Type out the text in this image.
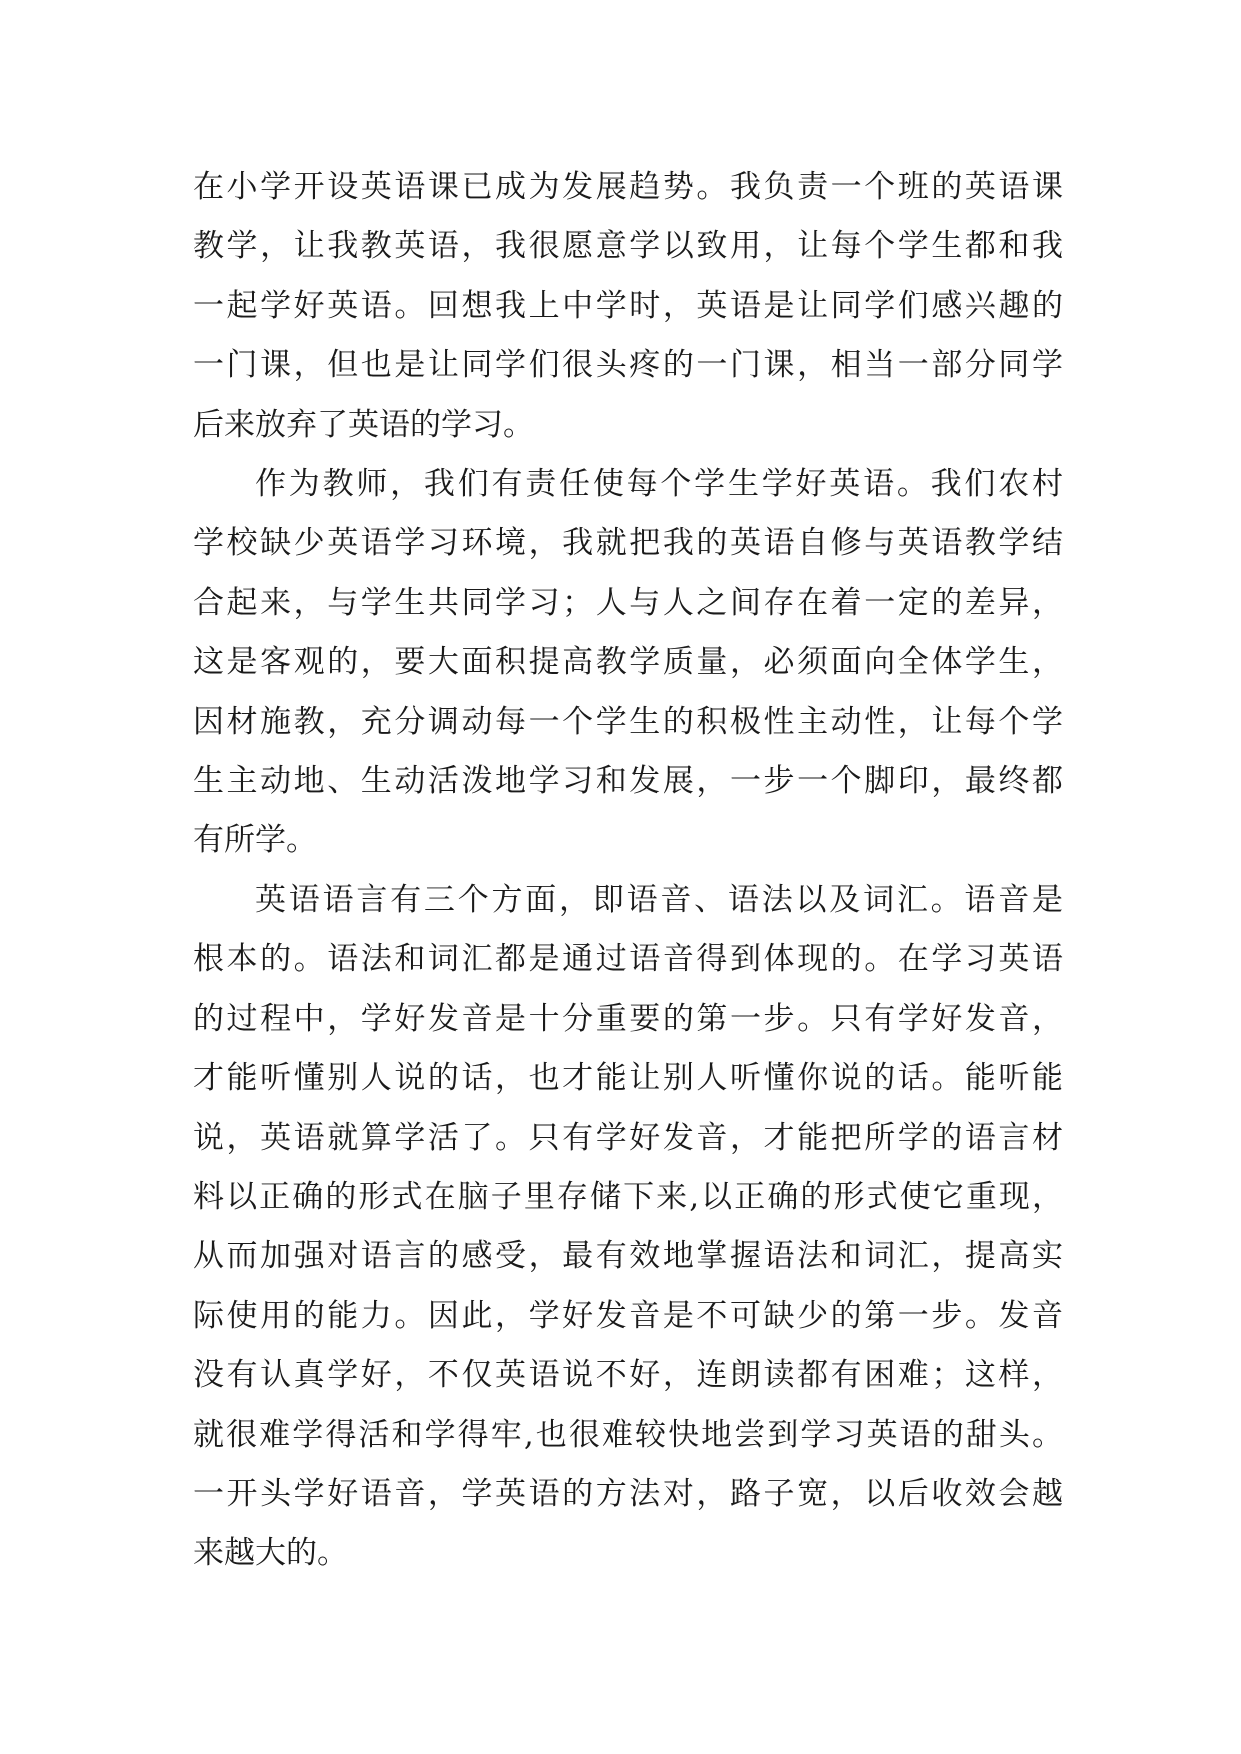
在小学开设英语课已成为发展趋势。我负责一个班的英语课
教学，让我教英语，我很愿意学以致用，让每个学生都和我
一起学好英语。回想我上中学时，英语是让同学们感兴趣的
一门课，但也是让同学们很头疼的一门课，相当一部分同学
后来放弃了英语的学习。

作为教师，我们有责任使每个学生学好英语。我们农村
学校缺少英语学习环境，我就把我的英语自修与英语教学结
合起来，与学生共同学习；人与人之间存在着一定的差异，
这是客观的，要大面积提高教学质量，必须面向全体学生，
因材施教，充分调动每一个学生的积极性主动性，让每个学
生主动地、生动活泼地学习和发展，一步一个脚印，最终都
有所学。

英语语言有三个方面，即语音、语法以及词汇。语音是
根本的。语法和词汇都是通过语音得到体现的。在学习英语
的过程中，学好发音是十分重要的第一步。只有学好发音，
才能听懂别人说的话，也才能让别人听懂你说的话。能听能
说，英语就算学活了。只有学好发音，才能把所学的语言材
料以正确的形式在脑子里存储下来,以正确的形式使它重现，
从而加强对语言的感受，最有效地掌握语法和词汇，提高实
际使用的能力。因此，学好发音是不可缺少的第一步。发音
没有认真学好，不仅英语说不好，连朗读都有困难；这样，
就很难学得活和学得牢,也很难较快地尝到学习英语的甜头。
一开头学好语音，学英语的方法对，路子宽，以后收效会越
来越大的。
